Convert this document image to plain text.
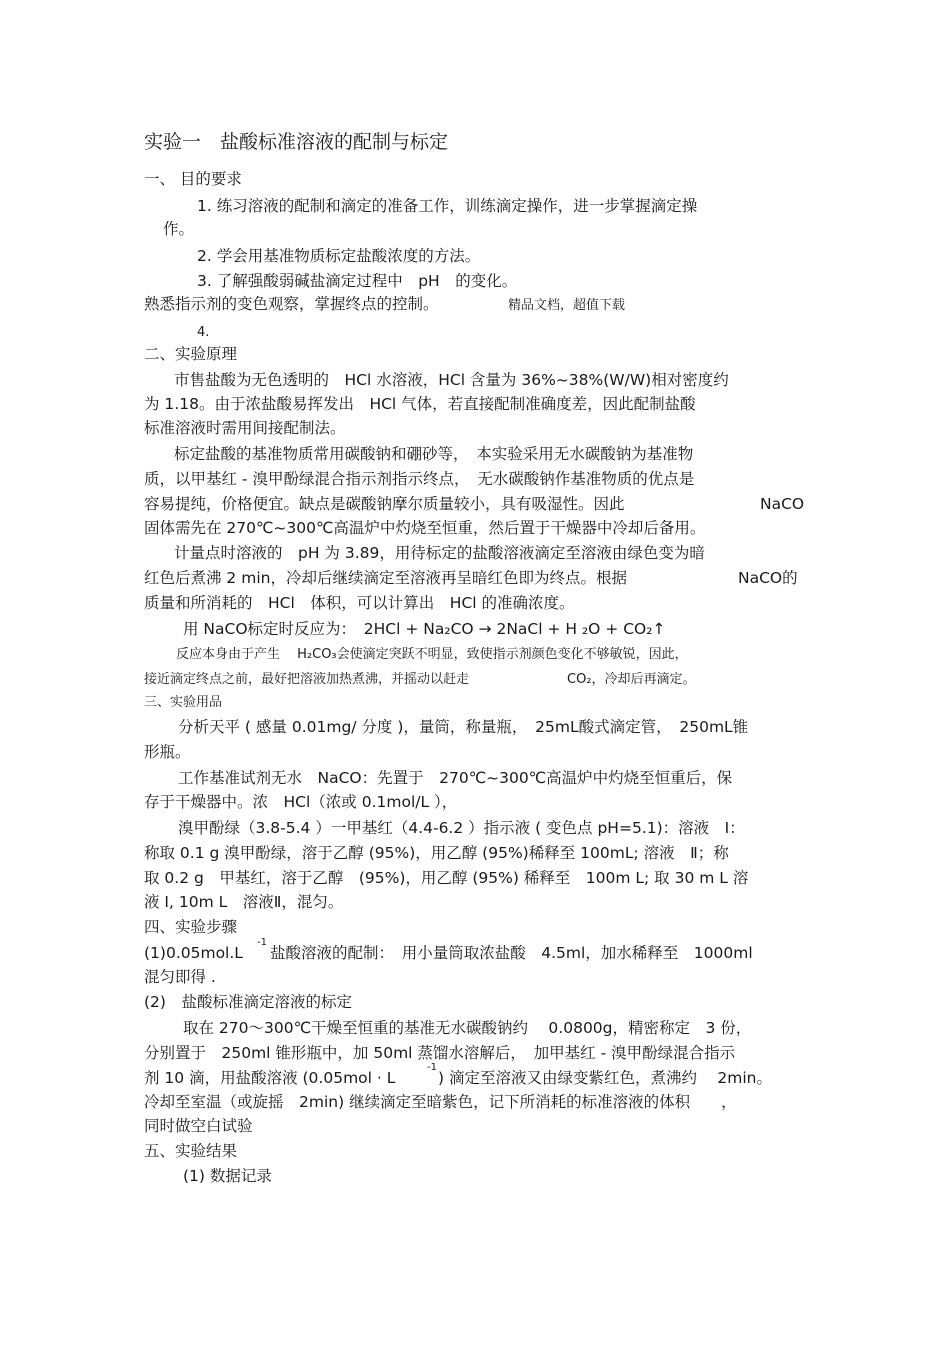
实验一　盐酸标准溶液的配制与标定
一、 目的要求
1. 练习溶液的配制和滴定的准备工作，训练滴定操作，进一步掌握滴定操
作。
2. 学会用基准物质标定盐酸浓度的方法。
3. 了解强酸弱碱盐滴定过程中　pH　的变化。
熟悉指示剂的变色观察，掌握终点的控制。	精品文档，超值下载
4.
二、实验原理
市售盐酸为无色透明的　HCl 水溶液，HCl 含量为 36%~38%(W/W)相对密度约
为 1.18。由于浓盐酸易挥发出　HCl 气体，若直接配制准确度差，因此配制盐酸
标准溶液时需用间接配制法。
标定盐酸的基准物质常用碳酸钠和硼砂等，　本实验采用无水碳酸钠为基准物
质，以甲基红 - 溴甲酚绿混合指示剂指示终点，　无水碳酸钠作基准物质的优点是
容易提纯，价格便宜。缺点是碳酸钠摩尔质量较小，具有吸湿性。因此	NaCO
固体需先在 270℃~300℃高温炉中灼烧至恒重，然后置于干燥器中冷却后备用。
计量点时溶液的　pH 为 3.89，用待标定的盐酸溶液滴定至溶液由绿色变为暗
红色后煮沸 2 min，冷却后继续滴定至溶液再呈暗红色即为终点。根据	NaCO的
质量和所消耗的　HCl　体积，可以计算出　HCl 的准确浓度。
用 NaCO标定时反应为：　2HCl + Na₂CO → 2NaCl + H ₂O + CO₂↑
反应本身由于产生　 H₂CO₃会使滴定突跃不明显，致使指示剂颜色变化不够敏锐，因此，
接近滴定终点之前，最好把溶液加热煮沸，并摇动以赶走	CO₂，冷却后再滴定。
三、实验用品
分析天平 ( 感量 0.01mg/ 分度 )，量筒，称量瓶，　25mL酸式滴定管，　250mL锥
形瓶。
工作基准试剂无水　NaCO：先置于　270℃~300℃高温炉中灼烧至恒重后，保
存于干燥器中。浓　HCl（浓或 0.1mol/L ），
溴甲酚绿（3.8-5.4 ）一甲基红（4.4-6.2 ）指示液 ( 变色点 pH=5.1)：溶液　Ⅰ：
称取 0.1 g 溴甲酚绿，溶于乙醇 (95%)，用乙醇 (95%)稀释至 100mL; 溶液　Ⅱ；称
取 0.2 g　甲基红，溶于乙醇　(95%)，用乙醇 (95%) 稀释至　100m L; 取 30 m L 溶
液 I, 10m L　溶液Ⅱ，混匀。
四、实验步骤
(1)0.05mol.L
-1
盐酸溶液的配制：　用小量筒取浓盐酸　4.5ml，加水稀释至　1000ml
混匀即得 .
(2)　盐酸标准滴定溶液的标定
取在 270～300℃干燥至恒重的基准无水碳酸钠约　 0.0800g，精密称定　3 份，
分别置于　250ml 锥形瓶中，加 50ml 蒸馏水溶解后，　加甲基红 - 溴甲酚绿混合指示
剂 10 滴，用盐酸溶液 (0.05mol · L
-1
) 滴定至溶液又由绿变紫红色，煮沸约　 2min。
冷却至室温（或旋摇　2min) 继续滴定至暗紫色，记下所消耗的标准溶液的体积　　，
同时做空白试验
五、实验结果
(1) 数据记录
